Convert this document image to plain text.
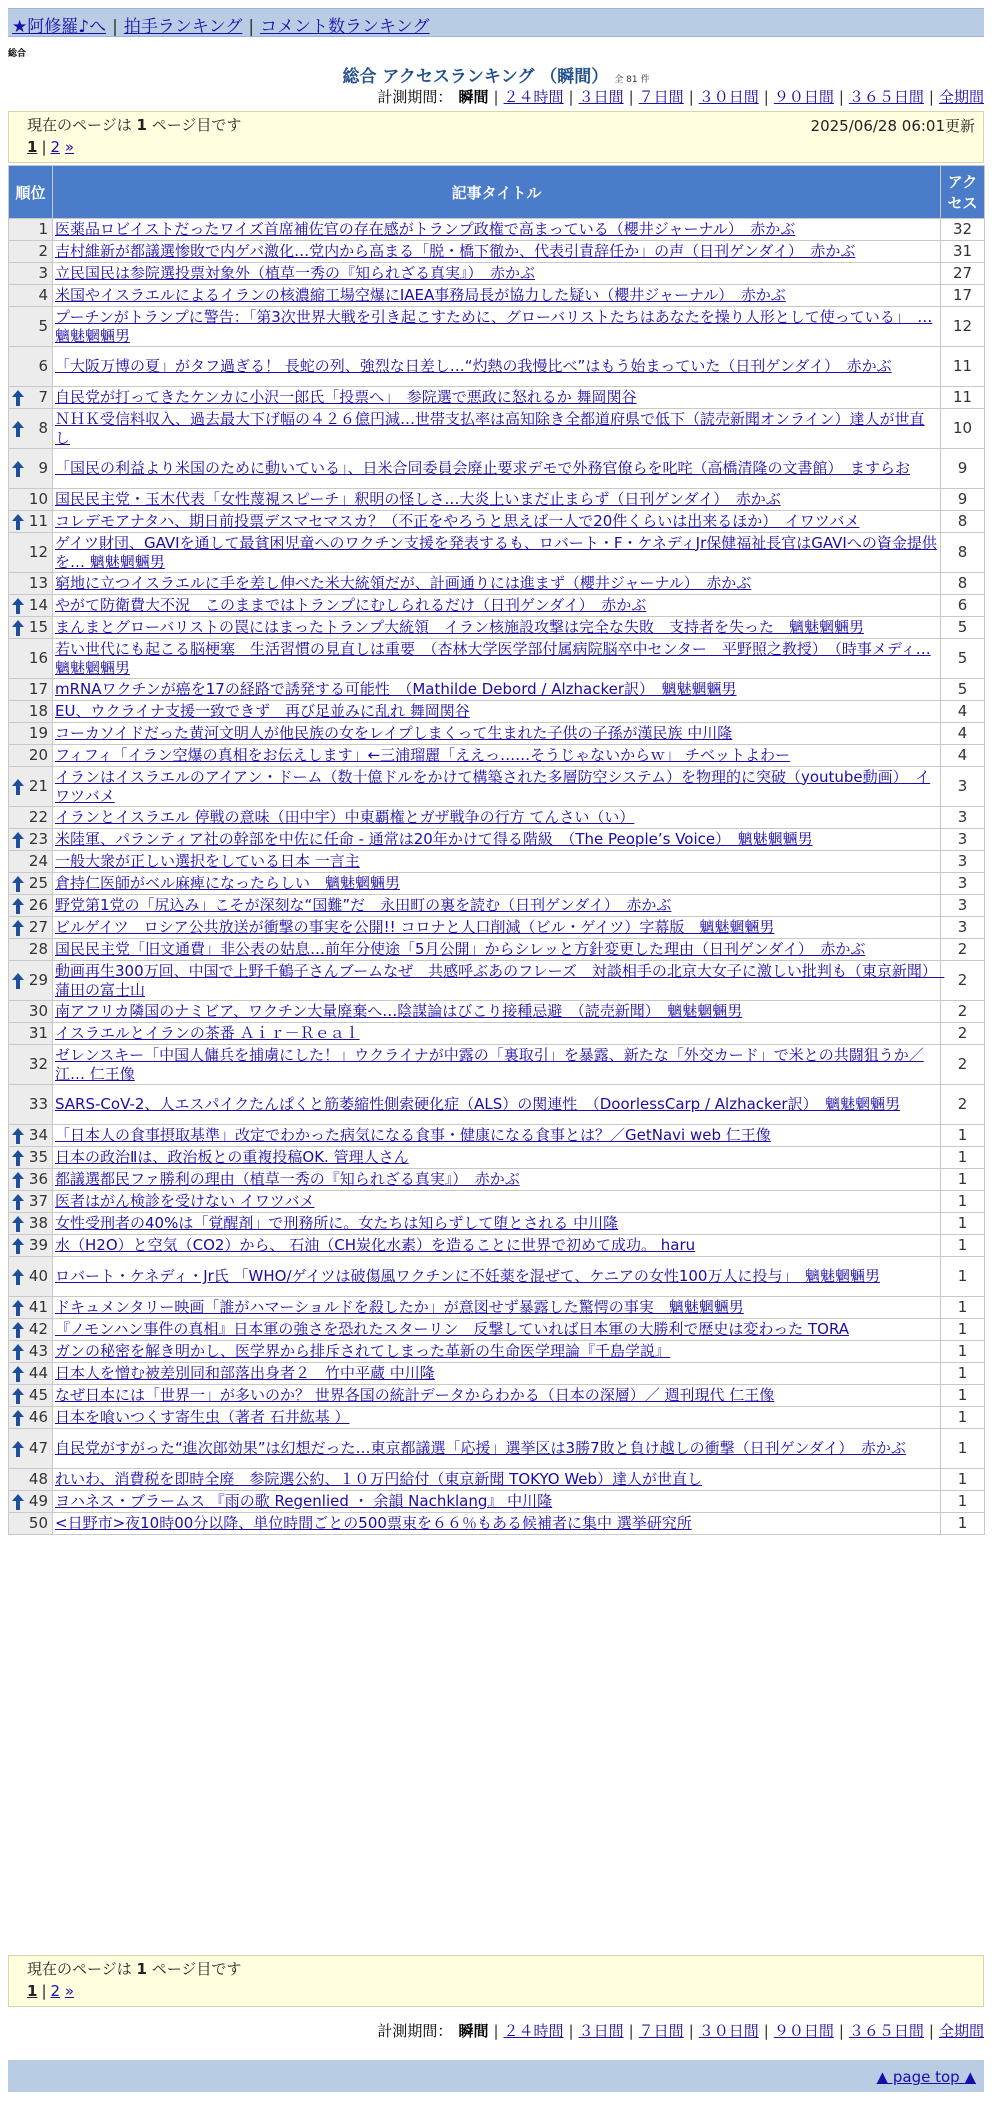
★阿修羅♪へ | 拍手ランキング | コメント数ランキング
総合
総合 アクセスランキング （瞬間） 全 81 件
計測期間： 瞬間 | ２４時間 | ３日間 | ７日間 | ３０日間 | ９０日間 | ３６５日間 | 全期間
現在のページは 1 ページ目です	2025/06/28 06:01更新
1 | 2 »
順位	記事タイトル	アクセス
1	医薬品ロビイストだったワイズ首席補佐官の存在感がトランプ政権で高まっている（櫻井ジャーナル）　赤かぶ	32
2	吉村維新が都議選惨敗で内ゲバ激化…党内から高まる「脱・橋下徹か、代表引責辞任か」の声（日刊ゲンダイ）　赤かぶ	31
3	立民国民は参院選投票対象外（植草一秀の『知られざる真実』）　赤かぶ	27
4	米国やイスラエルによるイランの核濃縮工場空爆にIAEA事務局長が協力した疑い（櫻井ジャーナル）　赤かぶ	17
5	プーチンがトランプに警告：「第3次世界大戦を引き起こすために、グローバリストたちはあなたを操り人形として使っている」　… 魑魅魍魎男	12
6	「大阪万博の夏」がタフ過ぎる！ 長蛇の列、強烈な日差し…“灼熱の我慢比べ”はもう始まっていた（日刊ゲンダイ）　赤かぶ	11

7	自民党が打ってきたケンカに小沢一郎氏「投票へ」　参院選で悪政に怒れるか 舞岡関谷	11

8	ＮＨＫ受信料収入、過去最大下げ幅の４２６億円減…世帯支払率は高知除き全都道府県で低下（読売新聞オンライン）達人が世直し	10

9	「国民の利益より米国のために動いている」、日米合同委員会廃止要求デモで外務官僚らを叱咤（高橋清隆の文書館）　ますらお	9
10	国民民主党・玉木代表「女性蔑視スピーチ」釈明の怪しさ…大炎上いまだ止まらず（日刊ゲンダイ）　赤かぶ	9

11	コレデモアナタハ、期日前投票デスマセマスカ？（不正をやろうと思えば一人で20件くらいは出来るほか）　イワツバメ	8
12	ゲイツ財団、GAVIを通して最貧困児童へのワクチン支援を発表するも、ロバート・F・ケネディJr保健福祉長官はGAVIへの資金提供を… 魑魅魍魎男	8
13	窮地に立つイスラエルに手を差し伸べた米大統領だが、計画通りには進まず（櫻井ジャーナル）　赤かぶ	8

14	やがて防衛費大不況　このままではトランプにむしられるだけ（日刊ゲンダイ）　赤かぶ	6

15	まんまとグローバリストの罠にはまったトランプ大統領　イラン核施設攻撃は完全な失敗　支持者を失った　魑魅魍魎男	5
16	若い世代にも起こる脳梗塞　生活習慣の見直しは重要　（杏林大学医学部付属病院脳卒中センター　平野照之教授）　（時事メディ… 魑魅魍魎男	5
17	mRNAワクチンが癌を17の経路で誘発する可能性　（Mathilde Debord / Alzhacker訳）　魑魅魍魎男	5
18	EU、ウクライナ支援一致できず　再び足並みに乱れ 舞岡関谷	4
19	コーカソイドだった黄河文明人が他民族の女をレイプしまくって生まれた子供の子孫が漢民族 中川隆	4
20	フィフィ「イラン空爆の真相をお伝えします」←三浦瑠麗「ええっ……そうじゃないからｗ」 チベットよわー	4

21	イランはイスラエルのアイアン・ドーム（数十億ドルをかけて構築された多層防空システム）を物理的に突破（youtube動画）　イワツバメ	3
22	イランとイスラエル 停戦の意味（田中宇）中東覇権とガザ戦争の行方 てんさい（い）	3

23	米陸軍、パランティア社の幹部を中佐に任命 - 通常は20年かけて得る階級　（The People’s Voice）　魑魅魍魎男	3
24	一般大衆が正しい選択をしている日本 一言主	3

25	倉持仁医師がベル麻痺になったらしい　魑魅魍魎男	3

26	野党第1党の「尻込み」こそが深刻な“国難”だ　永田町の裏を読む（日刊ゲンダイ）　赤かぶ	3

27	ビルゲイツ　ロシア公共放送が衝撃の事実を公開!! コロナと人口削減（ビル・ゲイツ）字幕版　魑魅魍魎男	3
28	国民民主党「旧文通費」非公表の姑息…前年分使途「5月公開」からシレッと方針変更した理由（日刊ゲンダイ）　赤かぶ	2

29	動画再生300万回、中国で上野千鶴子さんブームなぜ　共感呼ぶあのフレーズ　対談相手の北京大女子に激しい批判も（東京新聞）　蒲田の富士山	2
30	南アフリカ隣国のナミビア、ワクチン大量廃棄へ…陰謀論はびこり接種忌避　（読売新聞）　魑魅魍魎男	2
31	イスラエルとイランの茶番 Ａｉｒ－Ｒｅａｌ	2
32	ゼレンスキー「中国人傭兵を捕虜にした！」ウクライナが中露の「裏取引」を暴露、新たな「外交カード」で米との共闘狙うか／江… 仁王像	2
33	SARS-CoV-2、人エスパイクたんぱくと筋萎縮性側索硬化症（ALS）の関連性　（DoorlessCarp / Alzhacker訳）　魑魅魍魎男	2

34	「日本人の食事摂取基準」改定でわかった病気になる食事・健康になる食事とは？／GetNavi web 仁王像	1

35	日本の政治Ⅱは、政治板との重複投稿OK. 管理人さん	1

36	都議選都民ファ勝利の理由（植草一秀の『知られざる真実』）　赤かぶ	1

37	医者はがん検診を受けない イワツバメ	1

38	女性受刑者の40%は「覚醒剤」で刑務所に。女たちは知らずして堕とされる 中川隆	1

39	水（H2O）と空気（CO2）から、 石油（CH炭化水素）を造ることに世界で初めて成功。 haru	1

40	ロバート・ケネディ・Jr氏 「WHO/ゲイツは破傷風ワクチンに不妊薬を混ぜて、ケニアの女性100万人に投与」　魑魅魍魎男	1

41	ドキュメンタリー映画「誰がハマーショルドを殺したか」が意図せず暴露した驚愕の事実　魑魅魍魎男	1

42	『ノモンハン事件の真相』日本軍の強さを恐れたスターリン　反撃していれば日本軍の大勝利で歴史は変わった TORA	1

43	ガンの秘密を解き明かし、医学界から排斥されてしまった革新の生命医学理論『千島学説』	1

44	日本人を憎む被差別同和部落出身者２　竹中平蔵 中川隆	1

45	なぜ日本には「世界一」が多いのか？ 世界各国の統計データからわかる（日本の深層）／ 週刊現代 仁王像	1

46	日本を喰いつくす寄生虫（著者 石井紘基 ）	1

47	自民党がすがった“進次郎効果”は幻想だった…東京都議選「応援」選挙区は3勝7敗と負け越しの衝撃（日刊ゲンダイ）　赤かぶ	1
48	れいわ、消費税を即時全廃　参院選公約、１０万円給付（東京新聞 TOKYO Web）達人が世直し	1

49	ヨハネス・ブラームス 『雨の歌 Regenlied ・ 余韻 Nachklang』 中川隆	1
50	<日野市>夜10時00分以降、単位時間ごとの500票束を６６％もある候補者に集中 選挙研究所	1
現在のページは 1 ページ目です
1 | 2 »
計測期間： 瞬間 | ２４時間 | ３日間 | ７日間 | ３０日間 | ９０日間 | ３６５日間 | 全期間
▲ page top ▲
